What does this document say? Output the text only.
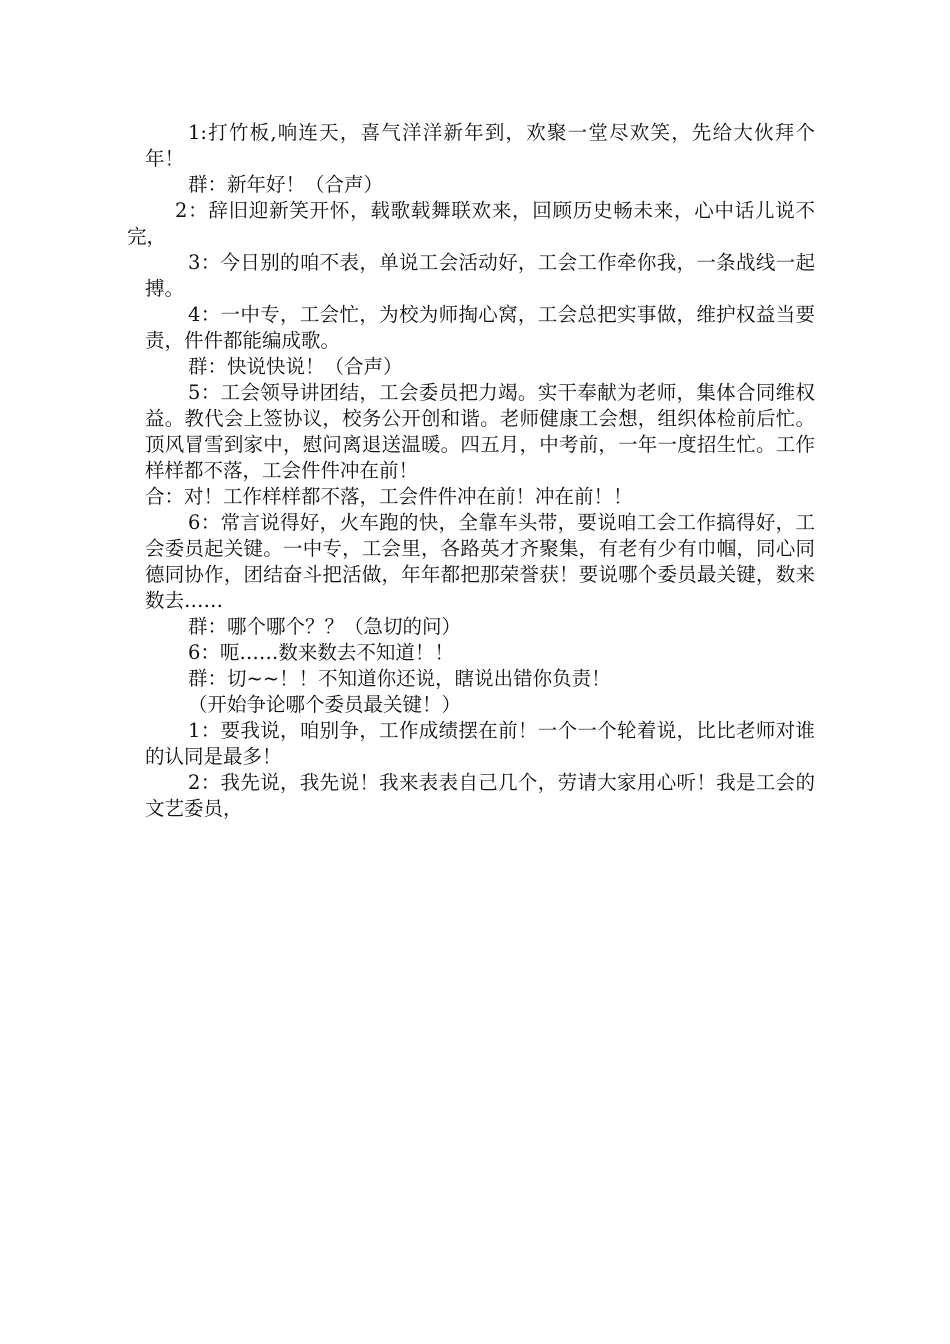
1:打竹板,响连天，喜气洋洋新年到，欢聚一堂尽欢笑，先给大伙拜个年！

群：新年好！（合声）

2：辞旧迎新笑开怀，载歌载舞联欢来，回顾历史畅未来，心中话儿说不完，

3：今日别的咱不表，单说工会活动好，工会工作牵你我，一条战线一起搏。

4：一中专，工会忙，为校为师掏心窝，工会总把实事做，维护权益当要责，件件都能编成歌。

群：快说快说！（合声）

5：工会领导讲团结，工会委员把力竭。实干奉献为老师，集体合同维权益。教代会上签协议，校务公开创和谐。老师健康工会想，组织体检前后忙。顶风冒雪到家中，慰问离退送温暖。四五月，中考前，一年一度招生忙。工作样样都不落，工会件件冲在前！

合：对！工作样样都不落，工会件件冲在前！冲在前！！

6：常言说得好，火车跑的快，全靠车头带，要说咱工会工作搞得好，工会委员起关键。一中专，工会里，各路英才齐聚集，有老有少有巾帼，同心同德同协作，团结奋斗把活做，年年都把那荣誉获！要说哪个委员最关键，数来数去……

群：哪个哪个？？（急切的问）

6：呃……数来数去不知道！！

群：切~~！！不知道你还说，瞎说出错你负责！

（开始争论哪个委员最关键！）

1：要我说，咱别争，工作成绩摆在前！一个一个轮着说，比比老师对谁的认同是最多！

2：我先说，我先说！我来表表自己几个，劳请大家用心听！我是工会的文艺委员，
